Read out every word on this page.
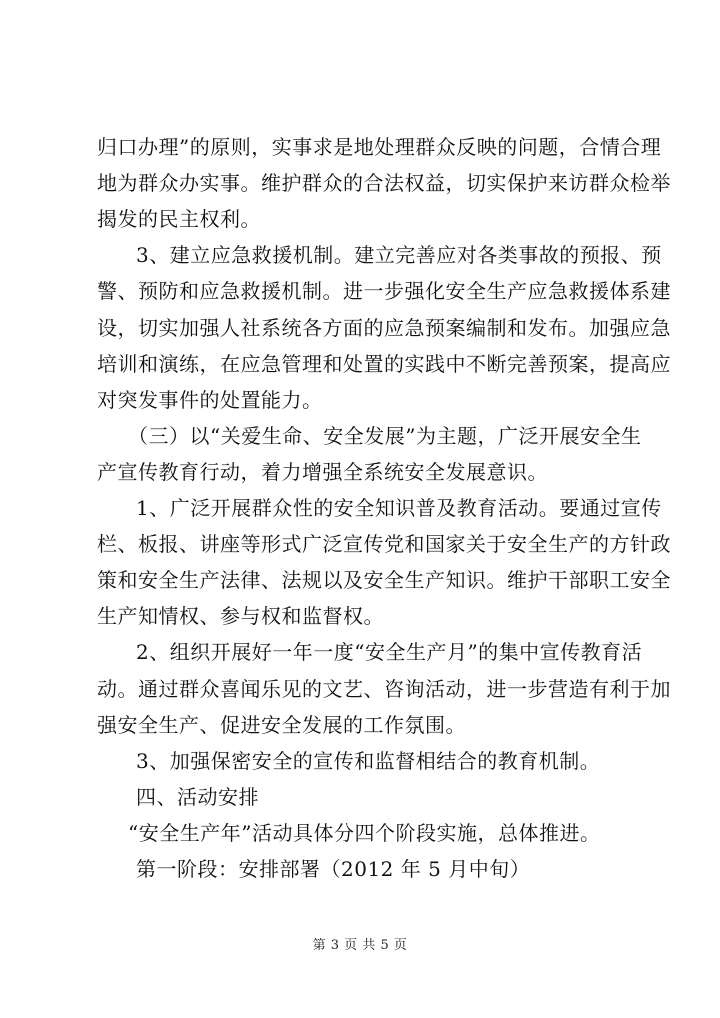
归口办理”的原则，实事求是地处理群众反映的问题，合情合理
地为群众办实事。维护群众的合法权益，切实保护来访群众检举
揭发的民主权利。
3、建立应急救援机制。建立完善应对各类事故的预报、预
警、预防和应急救援机制。进一步强化安全生产应急救援体系建
设，切实加强人社系统各方面的应急预案编制和发布。加强应急
培训和演练，在应急管理和处置的实践中不断完善预案，提高应
对突发事件的处置能力。
（三）以“关爱生命、安全发展”为主题，广泛开展安全生
产宣传教育行动，着力增强全系统安全发展意识。
1、广泛开展群众性的安全知识普及教育活动。要通过宣传
栏、板报、讲座等形式广泛宣传党和国家关于安全生产的方针政
策和安全生产法律、法规以及安全生产知识。维护干部职工安全
生产知情权、参与权和监督权。
2、组织开展好一年一度“安全生产月”的集中宣传教育活
动。通过群众喜闻乐见的文艺、咨询活动，进一步营造有利于加
强安全生产、促进安全发展的工作氛围。
3、加强保密安全的宣传和监督相结合的教育机制。
四、活动安排
“安全生产年”活动具体分四个阶段实施，总体推进。
第一阶段：安排部署（2012 年 5 月中旬）
第 3 页 共 5 页
